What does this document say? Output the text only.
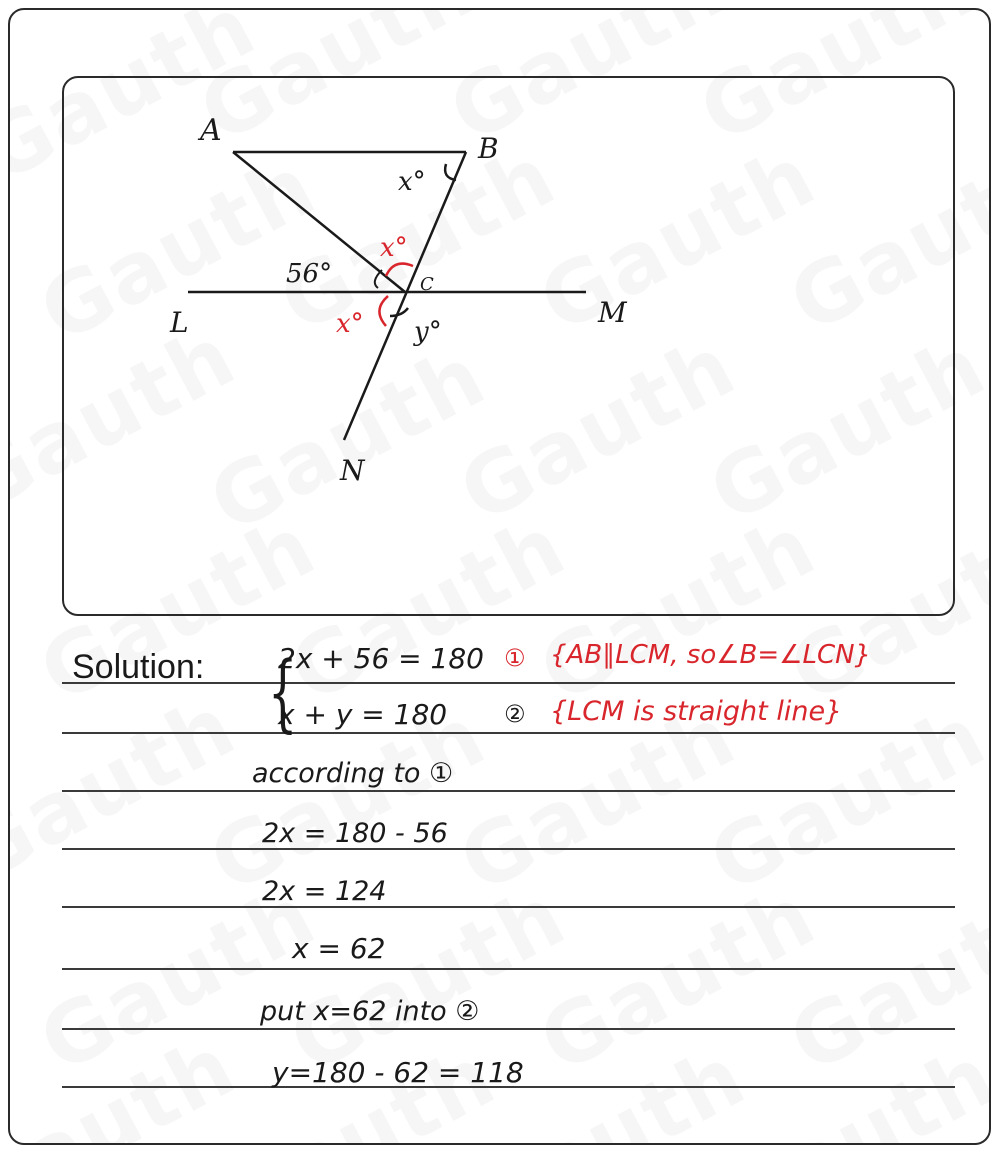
A
B
C
L	M
N
x°
x°
56°
x° y°
Solution: {
2x + 56 = 180 ① {AB∥LCM, so∠B=∠LCN}
x + y = 180 ② {LCM is straight line}
according to ①
2x = 180 - 56
2x = 124
x = 62
put x=62 into ②
y=180 - 62 = 118
